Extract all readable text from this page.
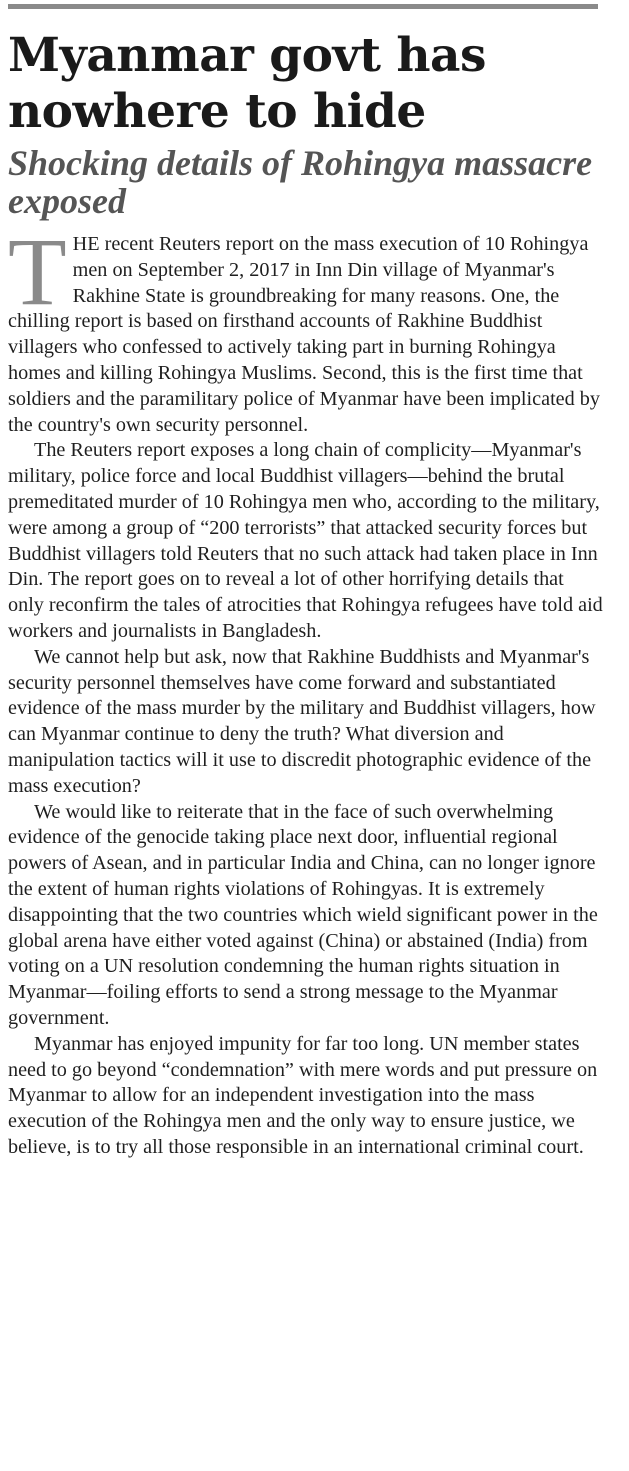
Myanmar govt has nowhere to hide
Shocking details of Rohingya massacre exposed

THE recent Reuters report on the mass execution of 10 Rohingya men on September 2, 2017 in Inn Din village of Myanmar's Rakhine State is groundbreaking for many reasons. One, the chilling report is based on firsthand accounts of Rakhine Buddhist villagers who confessed to actively taking part in burning Rohingya homes and killing Rohingya Muslims. Second, this is the first time that soldiers and the paramilitary police of Myanmar have been implicated by the country's own security personnel.

The Reuters report exposes a long chain of complicity—Myanmar's military, police force and local Buddhist villagers—behind the brutal premeditated murder of 10 Rohingya men who, according to the military, were among a group of “200 terrorists” that attacked security forces but Buddhist villagers told Reuters that no such attack had taken place in Inn Din. The report goes on to reveal a lot of other horrifying details that only reconfirm the tales of atrocities that Rohingya refugees have told aid workers and journalists in Bangladesh.

We cannot help but ask, now that Rakhine Buddhists and Myanmar's security personnel themselves have come forward and substantiated evidence of the mass murder by the military and Buddhist villagers, how can Myanmar continue to deny the truth? What diversion and manipulation tactics will it use to discredit photographic evidence of the mass execution?

We would like to reiterate that in the face of such overwhelming evidence of the genocide taking place next door, influential regional powers of Asean, and in particular India and China, can no longer ignore the extent of human rights violations of Rohingyas. It is extremely disappointing that the two countries which wield significant power in the global arena have either voted against (China) or abstained (India) from voting on a UN resolution condemning the human rights situation in Myanmar—foiling efforts to send a strong message to the Myanmar government.

Myanmar has enjoyed impunity for far too long. UN member states need to go beyond “condemnation” with mere words and put pressure on Myanmar to allow for an independent investigation into the mass execution of the Rohingya men and the only way to ensure justice, we believe, is to try all those responsible in an international criminal court.
